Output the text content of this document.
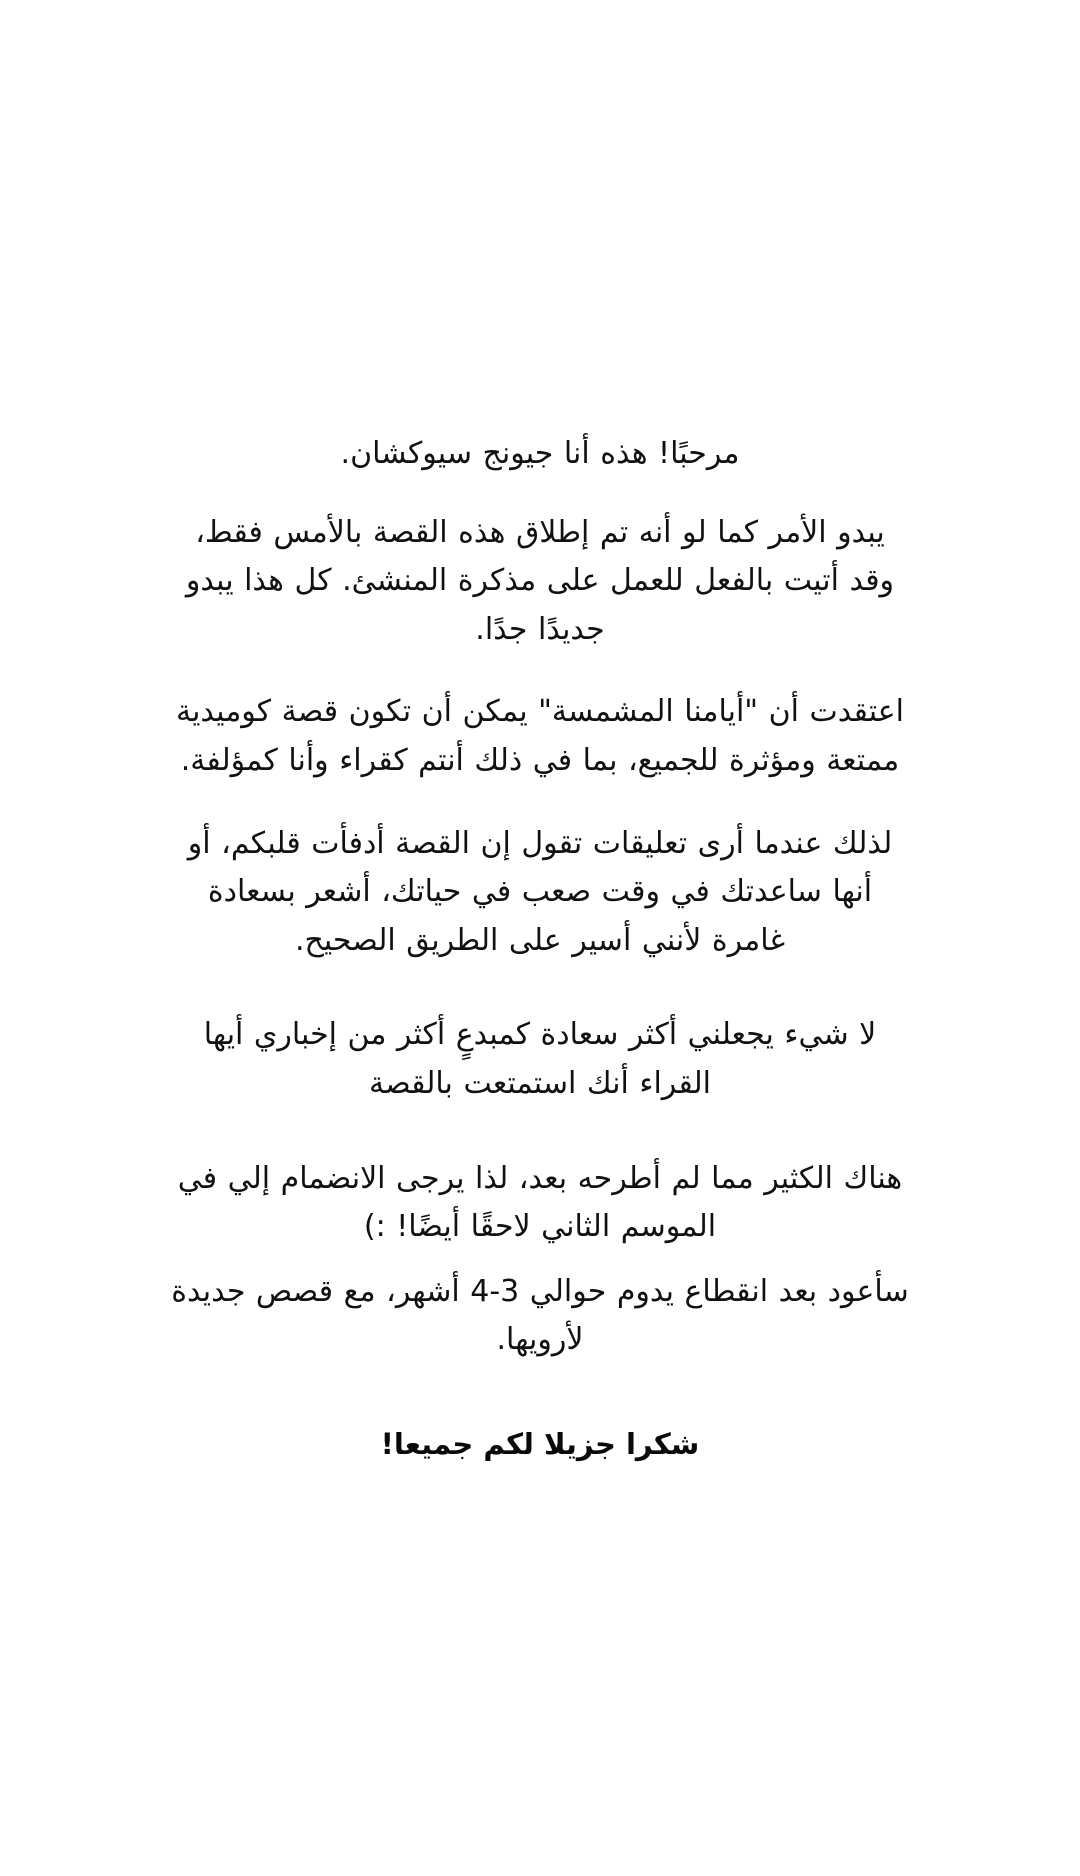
مرحبًا! هذه أنا جيونج سيوكشان.

يبدو الأمر كما لو أنه تم إطلاق هذه القصة بالأمس فقط، وقد أتيت بالفعل للعمل على مذكرة المنشئ. كل هذا يبدو جديدًا جدًا.

اعتقدت أن "أيامنا المشمسة" يمكن أن تكون قصة كوميدية ممتعة ومؤثرة للجميع، بما في ذلك أنتم كقراء وأنا كمؤلفة.

لذلك عندما أرى تعليقات تقول إن القصة أدفأت قلبكم، أو أنها ساعدتك في وقت صعب في حياتك، أشعر بسعادة غامرة لأنني أسير على الطريق الصحيح.

لا شيء يجعلني أكثر سعادة كمبدعٍ أكثر من إخباري أيها القراء أنك استمتعت بالقصة

هناك الكثير مما لم أطرحه بعد، لذا يرجى الانضمام إلي في الموسم الثاني لاحقًا أيضًا! :)

سأعود بعد انقطاع يدوم حوالي 3-4 أشهر، مع قصص جديدة لأرويها.

شكرا جزيلا لكم جميعا!
